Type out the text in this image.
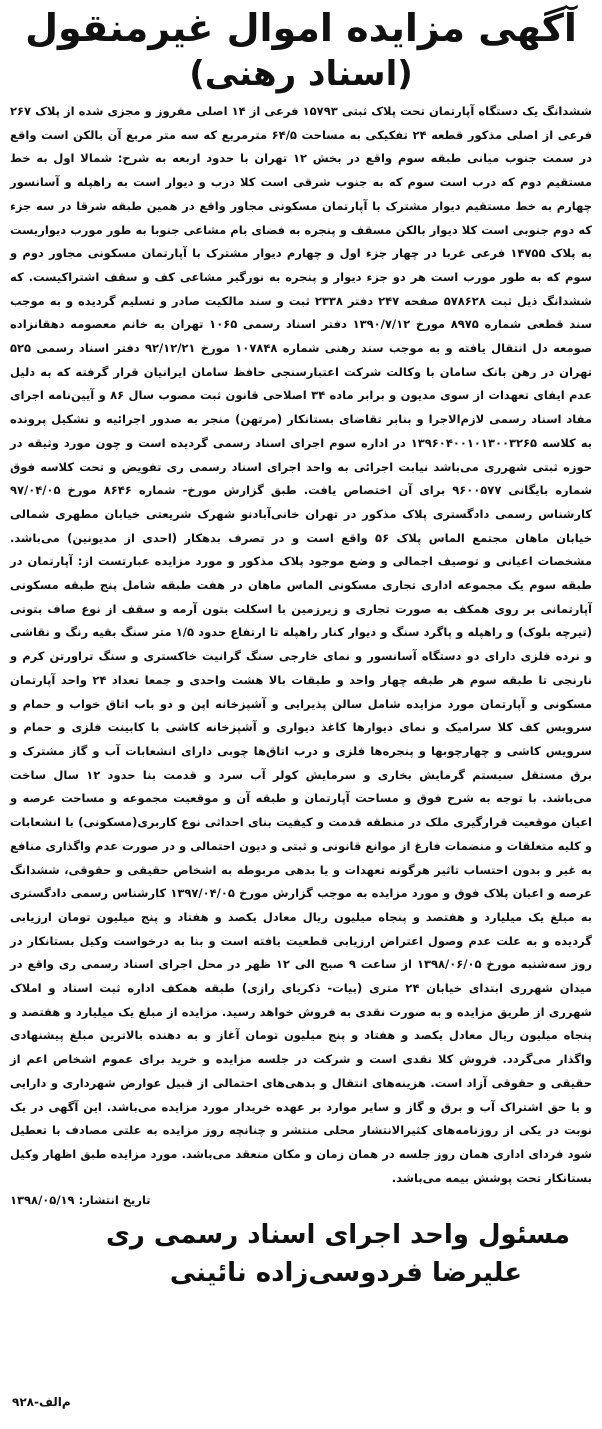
آگهی مزایده اموال غیرمنقول
(اسناد رهنی)

ششدانگ یک دستگاه آپارتمان تحت پلاک ثبتی ۱۵۷۹۳ فرعی از ۱۴ اصلی مفروز و مجزی شده از پلاک ۲۶۷ فرعی از اصلی مذکور قطعه ۲۴ تفکیکی به مساحت ۶۴/۵ مترمربع که سه متر مربع آن بالکن است واقع در سمت جنوب میانی طبقه سوم واقع در بخش ۱۲ تهران با حدود اربعه به شرح: شمالا اول به خط مستقیم دوم که درب است سوم که به جنوب شرقی است کلا درب و دیوار است به راهپله و آسانسور چهارم به خط مستقیم دیوار مشترک با آپارتمان مسکونی مجاور واقع در همین طبقه شرقا در سه جزء که دوم جنوبی است کلا دیوار بالکن مسقف و پنجره به فضای بام مشاعی جنوبا به طور مورب دیواریست به پلاک ۱۴۷۵۵ فرعی غربا در چهار جزء اول و چهارم دیوار مشترک با آپارتمان مسکونی مجاور دوم و سوم که به طور مورب است هر دو جزء دیوار و پنجره به نورگیر مشاعی کف و سقف اشتراکیست. که ششدانگ ذیل ثبت ۵۷۸۶۲۸ صفحه ۲۴۷ دفتر ۲۳۳۸ ثبت و سند مالکیت صادر و تسلیم گردیده و به موجب سند قطعی شماره ۸۹۷۵ مورخ ۱۳۹۰/۷/۱۲ دفتر اسناد رسمی ۱۰۶۵ تهران به خانم معصومه دهقانزاده صومعه دل انتقال یافته و به موجب سند رهنی شماره ۱۰۷۸۴۸ مورخ ۹۲/۱۲/۲۱ دفتر اسناد رسمی ۵۲۵ تهران در رهن بانک سامان با وکالت شرکت اعتبارسنجی حافظ سامان ایرانیان قرار گرفته که به دلیل عدم ایفای تعهدات از سوی مدیون و برابر ماده ۳۴ اصلاحی قانون ثبت مصوب سال ۸۶ و آیین‌نامه اجرای مفاد اسناد رسمی لازم‌الاجرا و بنابر تقاضای بستانکار (مرتهن) منجر به صدور اجرائیه و تشکیل پرونده به کلاسه ۱۳۹۶۰۴۰۰۱۰۱۳۰۰۳۲۶۵ در اداره سوم اجرای اسناد رسمی گردیده است و چون مورد وثیقه در حوزه ثبتی شهرری می‌باشد نیابت اجرائی به واحد اجرای اسناد رسمی ری تفویض و تحت کلاسه فوق شماره بایگانی ۹۶۰۰۵۷۷ برای آن اختصاص یافت. طبق گزارش مورخ- شماره ۸۶۴۶ مورخ ۹۷/۰۴/۰۵ کارشناس رسمی دادگستری پلاک مذکور در تهران خانی‌آباد‌نو شهرک شریعتی خیابان مطهری شمالی خیابان ماهان مجتمع الماس پلاک ۵۶ واقع است و در تصرف بدهکار (احدی از مدیونین) می‌باشد. مشخصات اعیانی و توصیف اجمالی و وضع موجود پلاک مذکور و مورد مزایده عبارتست از: آپارتمان در طبقه سوم یک مجموعه اداری تجاری مسکونی الماس ماهان در هفت طبقه شامل پنج طبقه مسکونی آپارتمانی بر روی همکف به صورت تجاری و زیرزمین با اسکلت بتون آرمه و سقف از نوع صاف بتونی (تیرچه بلوک) و راهپله و پاگرد سنگ و دیوار کنار راهپله تا ارتفاع حدود ۱/۵ متر سنگ بقیه رنگ و نقاشی و نرده فلزی دارای دو دستگاه آسانسور و نمای خارجی سنگ گرانیت خاکستری و سنگ تراورتن کرم و نارنجی تا طبقه سوم هر طبقه چهار واحد و طبقات بالا هشت واحدی و جمعا تعداد ۲۴ واحد آپارتمان مسکونی و آپارتمان مورد مزایده شامل سالن پذیرایی و آشپزخانه اپن و دو باب اتاق خواب و حمام و سرویس کف کلا سرامیک و نمای دیوارها کاغذ دیواری و آشپزخانه کاشی با کابینت فلزی و حمام و سرویس کاشی و چهارچوبها و پنجره‌ها فلزی و درب اتاق‌ها چوبی دارای انشعابات آب و گاز مشترک و برق مستقل سیستم گرمایش بخاری و سرمایش کولر آب سرد و قدمت بنا حدود ۱۲ سال ساخت می‌باشد. با توجه به شرح فوق و مساحت آپارتمان و طبقه آن و موقعیت مجموعه و مساحت عرصه و اعیان موقعیت قرارگیری ملک در منطقه قدمت و کیفیت بنای احداثی نوع کاربری(مسکونی) با انشعابات و کلیه متعلقات و منضمات فارغ از موانع قانونی و ثبتی و دیون احتمالی و در صورت عدم واگذاری منافع به غیر و بدون احتساب تاثیر هرگونه تعهدات و یا بدهی مربوطه به اشخاص حقیقی و حقوقی، ششدانگ عرصه و اعیان پلاک فوق و مورد مزایده به موجب گزارش مورخ ۱۳۹۷/۰۴/۰۵ کارشناس رسمی دادگستری به مبلغ یک میلیارد و هفتصد و پنجاه میلیون ریال معادل یکصد و هفتاد و پنج میلیون تومان ارزیابی گردیده و به علت عدم وصول اعتراض ارزیابی قطعیت یافته است و بنا به درخواست وکیل بستانکار در روز سه‌شنبه مورخ ۱۳۹۸/۰۶/۰۵ از ساعت ۹ صبح الی ۱۲ ظهر در محل اجرای اسناد رسمی ری واقع در میدان شهرری ابتدای خیابان ۲۴ متری (بیات- ذکریای رازی) طبقه همکف اداره ثبت اسناد و املاک شهرری از طریق مزایده و به صورت نقدی به فروش خواهد رسید. مزایده از مبلغ یک میلیارد و هفتصد و پنجاه میلیون ریال معادل یکصد و هفتاد و پنج میلیون تومان آغاز و به دهنده بالاترین مبلغ پیشنهادی واگذار می‌گردد. فروش کلا نقدی است و شرکت در جلسه مزایده و خرید برای عموم اشخاص اعم از حقیقی و حقوقی آزاد است. هزینه‌های انتقال و بدهی‌های احتمالی از قبیل عوارض شهرداری و دارایی و یا حق اشتراک آب و برق و گاز و سایر موارد بر عهده خریدار مورد مزایده می‌باشد. این آگهی در یک نوبت در یکی از روزنامه‌های کثیرالانتشار محلی منتشر و چنانچه روز مزایده به علتی مصادف با تعطیل شود فردای اداری همان روز جلسه در همان زمان و مکان منعقد می‌باشد. مورد مزایده طبق اظهار وکیل بستانکار تحت پوشش بیمه می‌باشد.

تاریخ انتشار: ۱۳۹۸/۰۵/۱۹
مسئول واحد اجرای اسناد رسمی ری
علیرضا فردوسی‌زاده نائینی
م‌الف-۹۲۸
